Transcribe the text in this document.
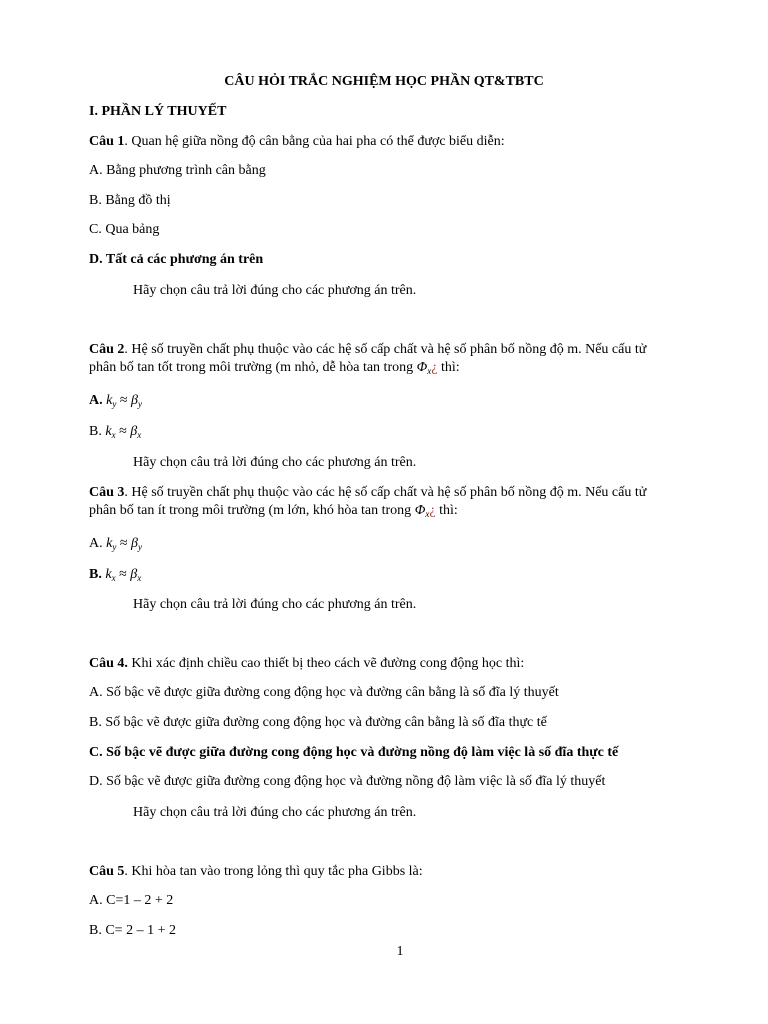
CÂU HỎI TRẮC NGHIỆM HỌC PHẦN QT&TBTC
I. PHẦN LÝ THUYẾT
Câu 1. Quan hệ giữa nồng độ cân bằng của hai pha có thể được biểu diễn:
A. Bằng phương trình cân bằng
B. Bằng đồ thị
C. Qua bảng
D. Tất cả các phương án trên
Hãy chọn câu trả lời đúng cho các phương án trên.
Câu 2. Hệ số truyền chất phụ thuộc vào các hệ số cấp chất và hệ số phân bố nồng độ m. Nếu cấu tử
phân bố tan tốt trong môi trường (m nhỏ, dễ hòa tan trong $\Phi_x¿$ thì:
A. $k_y \approx \beta_y$
B. $k_x \approx \beta_x$
Hãy chọn câu trả lời đúng cho các phương án trên.
Câu 3. Hệ số truyền chất phụ thuộc vào các hệ số cấp chất và hệ số phân bố nồng độ m. Nếu cấu tử
phân bố tan ít trong môi trường (m lớn, khó hòa tan trong $\Phi_x¿$ thì:
A. $k_y \approx \beta_y$
B. $k_x \approx \beta_x$
Hãy chọn câu trả lời đúng cho các phương án trên.
Câu 4. Khi xác định chiều cao thiết bị theo cách vẽ đường cong động học thì:
A. Số bậc vẽ được giữa đường cong động học và đường cân bằng là số đĩa lý thuyết
B. Số bậc vẽ được giữa đường cong động học và đường cân bằng là số đĩa thực tế
C. Số bậc vẽ được giữa đường cong động học và đường nồng độ làm việc là số đĩa thực tế
D. Số bậc vẽ được giữa đường cong động học và đường nồng độ làm việc là số đĩa lý thuyết
Hãy chọn câu trả lời đúng cho các phương án trên.
Câu 5. Khi hòa tan vào trong lỏng thì quy tắc pha Gibbs là:
A. C=1 – 2 + 2
B. C= 2 – 1 + 2
1
